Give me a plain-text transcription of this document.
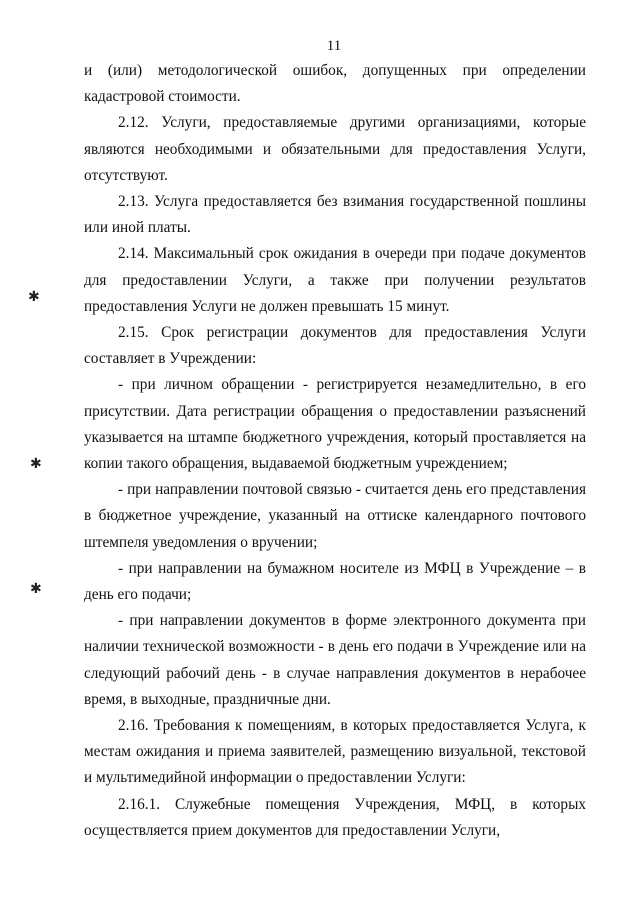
11
✱
✱
✱

и (или) методологической ошибок, допущенных при определении кадастровой стоимости.

2.12. Услуги, предоставляемые другими организациями, которые являются необходимыми и обязательными для предоставления Услуги, отсутствуют.

2.13. Услуга предоставляется без взимания государственной пошлины или иной платы.

2.14. Максимальный срок ожидания в очереди при подаче документов для предоставлении Услуги, а также при получении результатов предоставления Услуги не должен превышать 15 минут.

2.15. Срок регистрации документов для предоставления Услуги составляет в Учреждении:

- при личном обращении - регистрируется незамедлительно, в его присутствии. Дата регистрации обращения о предоставлении разъяснений указывается на штампе бюджетного учреждения, который проставляется на копии такого обращения, выдаваемой бюджетным учреждением;

- при направлении почтовой связью - считается день его представления в бюджетное учреждение, указанный на оттиске календарного почтового штемпеля уведомления о вручении;

- при направлении на бумажном носителе из МФЦ в Учреждение – в день его подачи;

- при направлении документов в форме электронного документа при наличии технической возможности - в день его подачи в Учреждение или на следующий рабочий день - в случае направления документов в нерабочее время, в выходные, праздничные дни.

2.16. Требования к помещениям, в которых предоставляется Услуга, к местам ожидания и приема заявителей, размещению визуальной, текстовой и мультимедийной информации о предоставлении Услуги:

2.16.1. Служебные помещения Учреждения, МФЦ, в которых осуществляется прием документов для предоставлении Услуги,
